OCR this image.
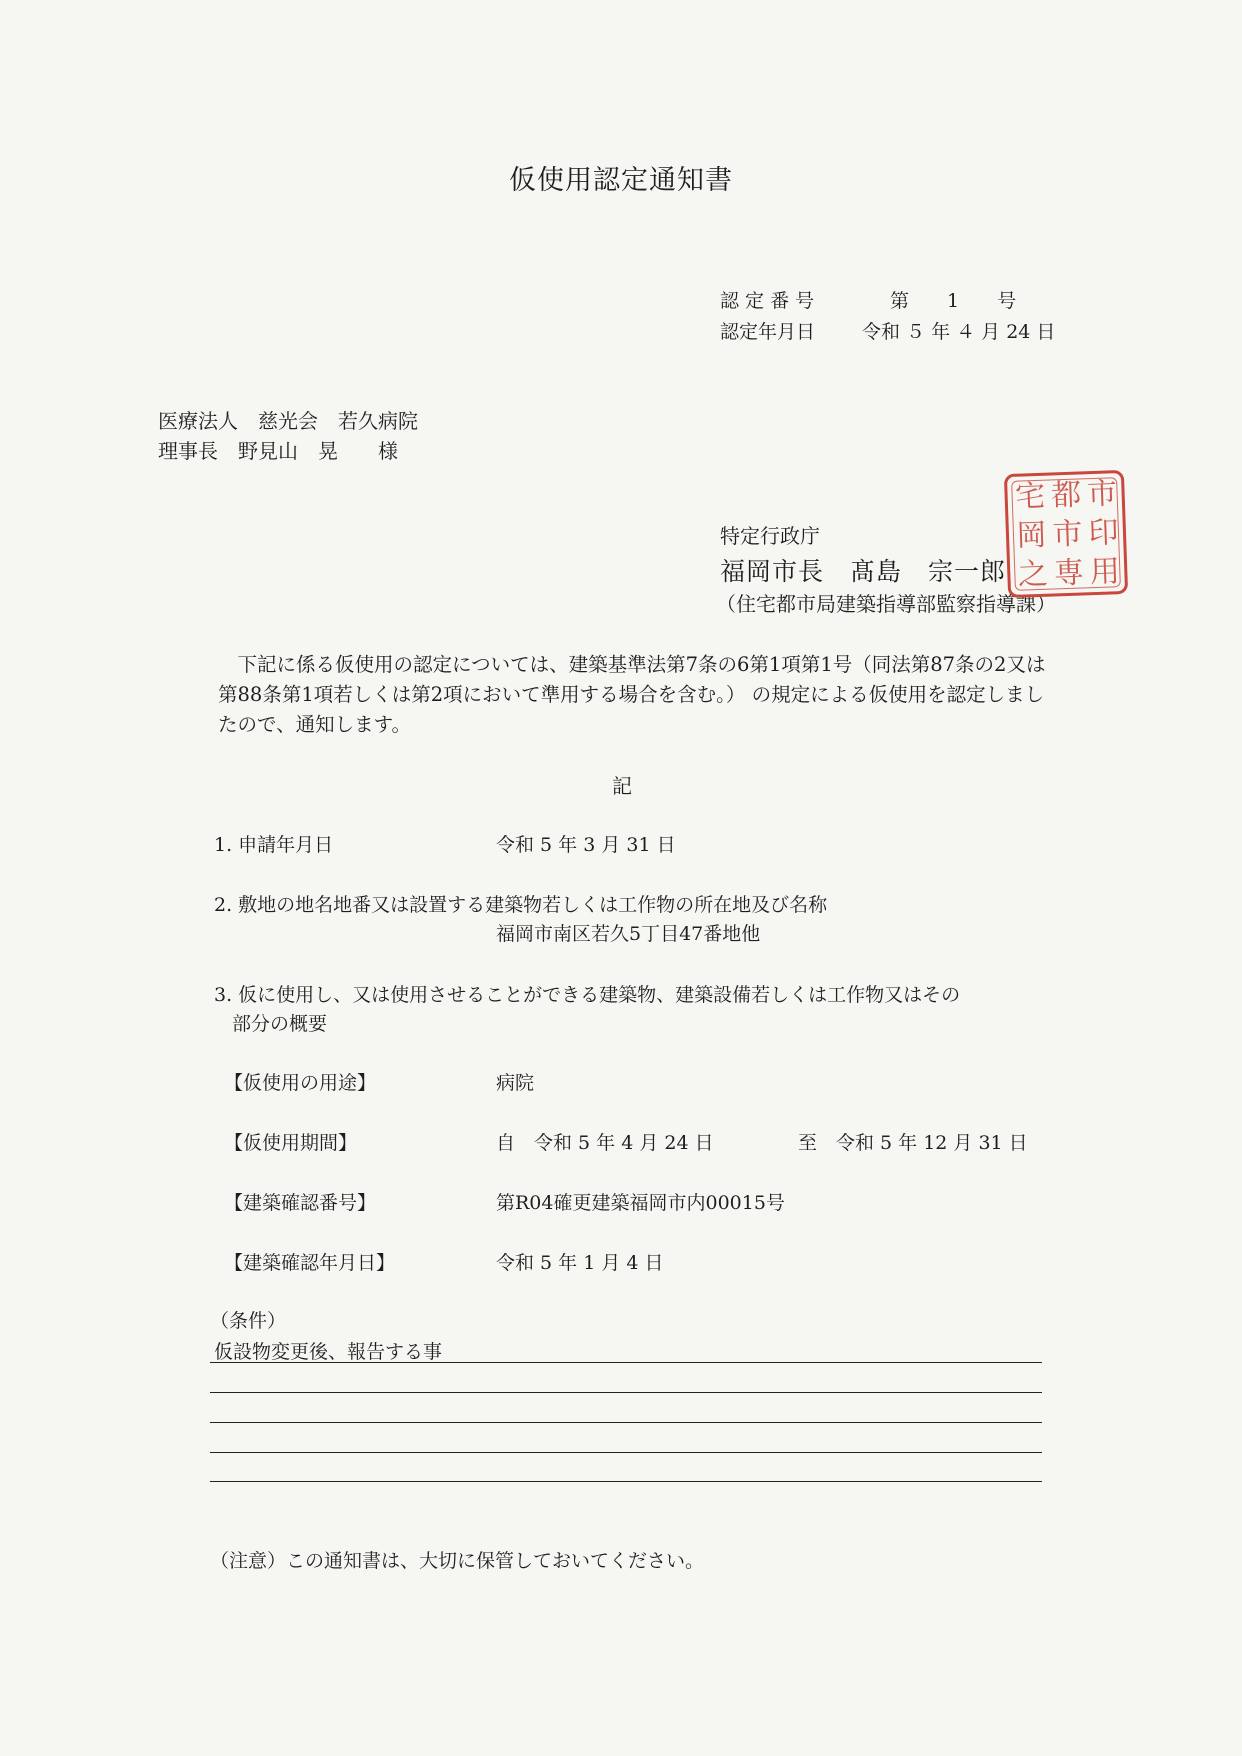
仮使用認定通知書
認 定 番 号	第　　1　　号
認定年月日 令和 ５ 年 ４ 月 24 日
医療法人　慈光会　若久病院
理事長　野見山　晃　　様
特定行政庁
福岡市長　髙島　宗一郎
（住宅都市局建築指導部監察指導課）
市
都
宅
印
市
岡
用
専
之

下記に係る仮使用の認定については、建築基準法第7条の6第1項第1号（同法第87条の2又は

第88条第1項若しくは第2項において準用する場合を含む。） の規定による仮使用を認定しまし

たので、通知します。

記
1. 申請年月日	令和 5 年 3 月 31 日
2. 敷地の地名地番又は設置する建築物若しくは工作物の所在地及び名称
福岡市南区若久5丁目47番地他
3. 仮に使用し、又は使用させることができる建築物、建築設備若しくは工作物又はその
部分の概要
【仮使用の用途】	病院
【仮使用期間】	自　令和 5 年 4 月 24 日	至　令和 5 年 12 月 31 日
【建築確認番号】	第R04確更建築福岡市内00015号
【建築確認年月日】	令和 5 年 1 月 4 日
（条件）
仮設物変更後、報告する事
（注意）この通知書は、大切に保管しておいてください。
